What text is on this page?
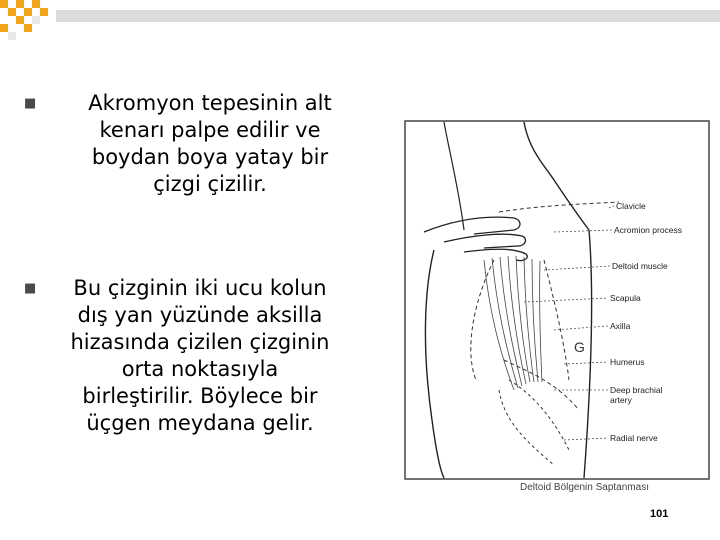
■	Akromyon tepesinin alt
kenarı palpe edilir ve
boydan boya yatay bir
çizgi çizilir.
■	Bu çizginin iki ucu kolun
dış yan yüzünde aksilla
hizasında çizilen çizginin
orta noktasıyla
birleştirilir. Böylece bir
üçgen meydana gelir.
G
Clavicle
Acromion process
Deltoid muscle
Scapula
Axilla
Humerus
Deep brachial artery
Radial nerve
Deltoid Bölgenin Saptanması
101
